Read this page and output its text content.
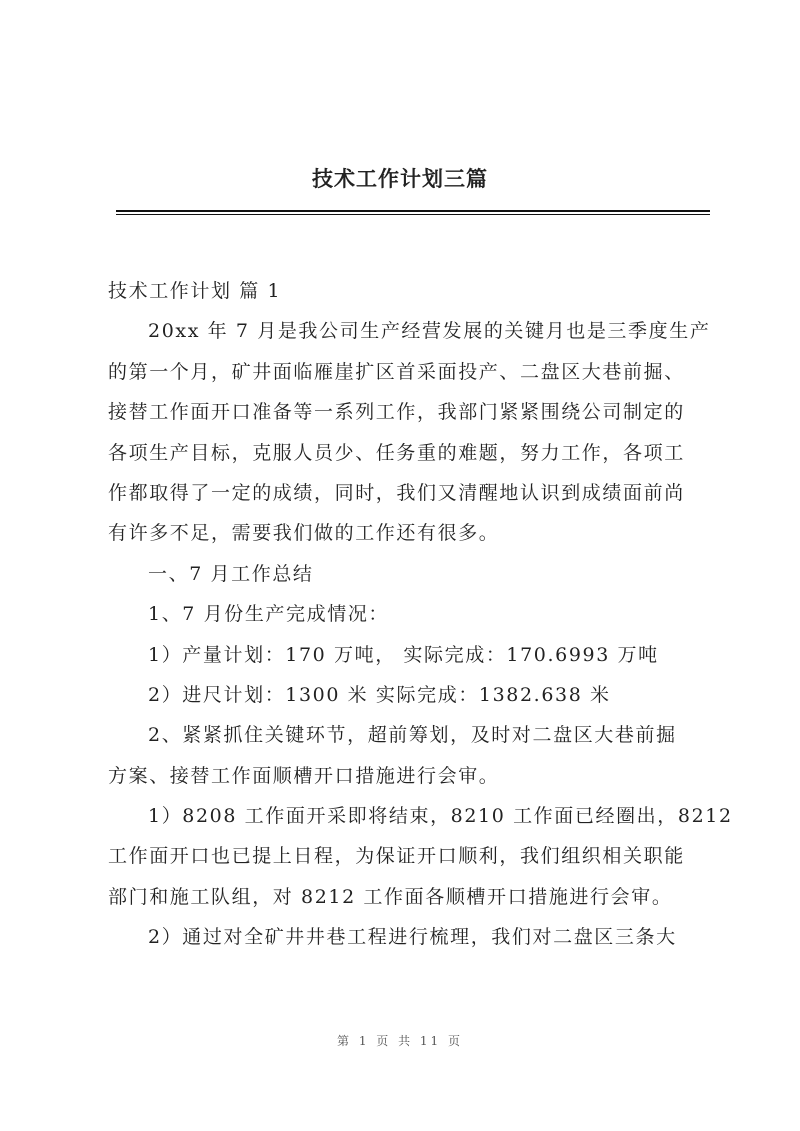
技术工作计划三篇
技术工作计划 篇 1
20xx 年 7 月是我公司生产经营发展的关键月也是三季度生产
的第一个月，矿井面临雁崖扩区首采面投产、二盘区大巷前掘、
接替工作面开口准备等一系列工作，我部门紧紧围绕公司制定的
各项生产目标，克服人员少、任务重的难题，努力工作，各项工
作都取得了一定的成绩，同时，我们又清醒地认识到成绩面前尚
有许多不足，需要我们做的工作还有很多。
一、7 月工作总结
1、7 月份生产完成情况：
1）产量计划：170 万吨， 实际完成：170.6993 万吨
2）进尺计划：1300 米 实际完成：1382.638 米
2、紧紧抓住关键环节，超前筹划，及时对二盘区大巷前掘
方案、接替工作面顺槽开口措施进行会审。
1）8208 工作面开采即将结束，8210 工作面已经圈出，8212
工作面开口也已提上日程，为保证开口顺利，我们组织相关职能
部门和施工队组，对 8212 工作面各顺槽开口措施进行会审。
2）通过对全矿井井巷工程进行梳理，我们对二盘区三条大
第 1 页 共 11 页
